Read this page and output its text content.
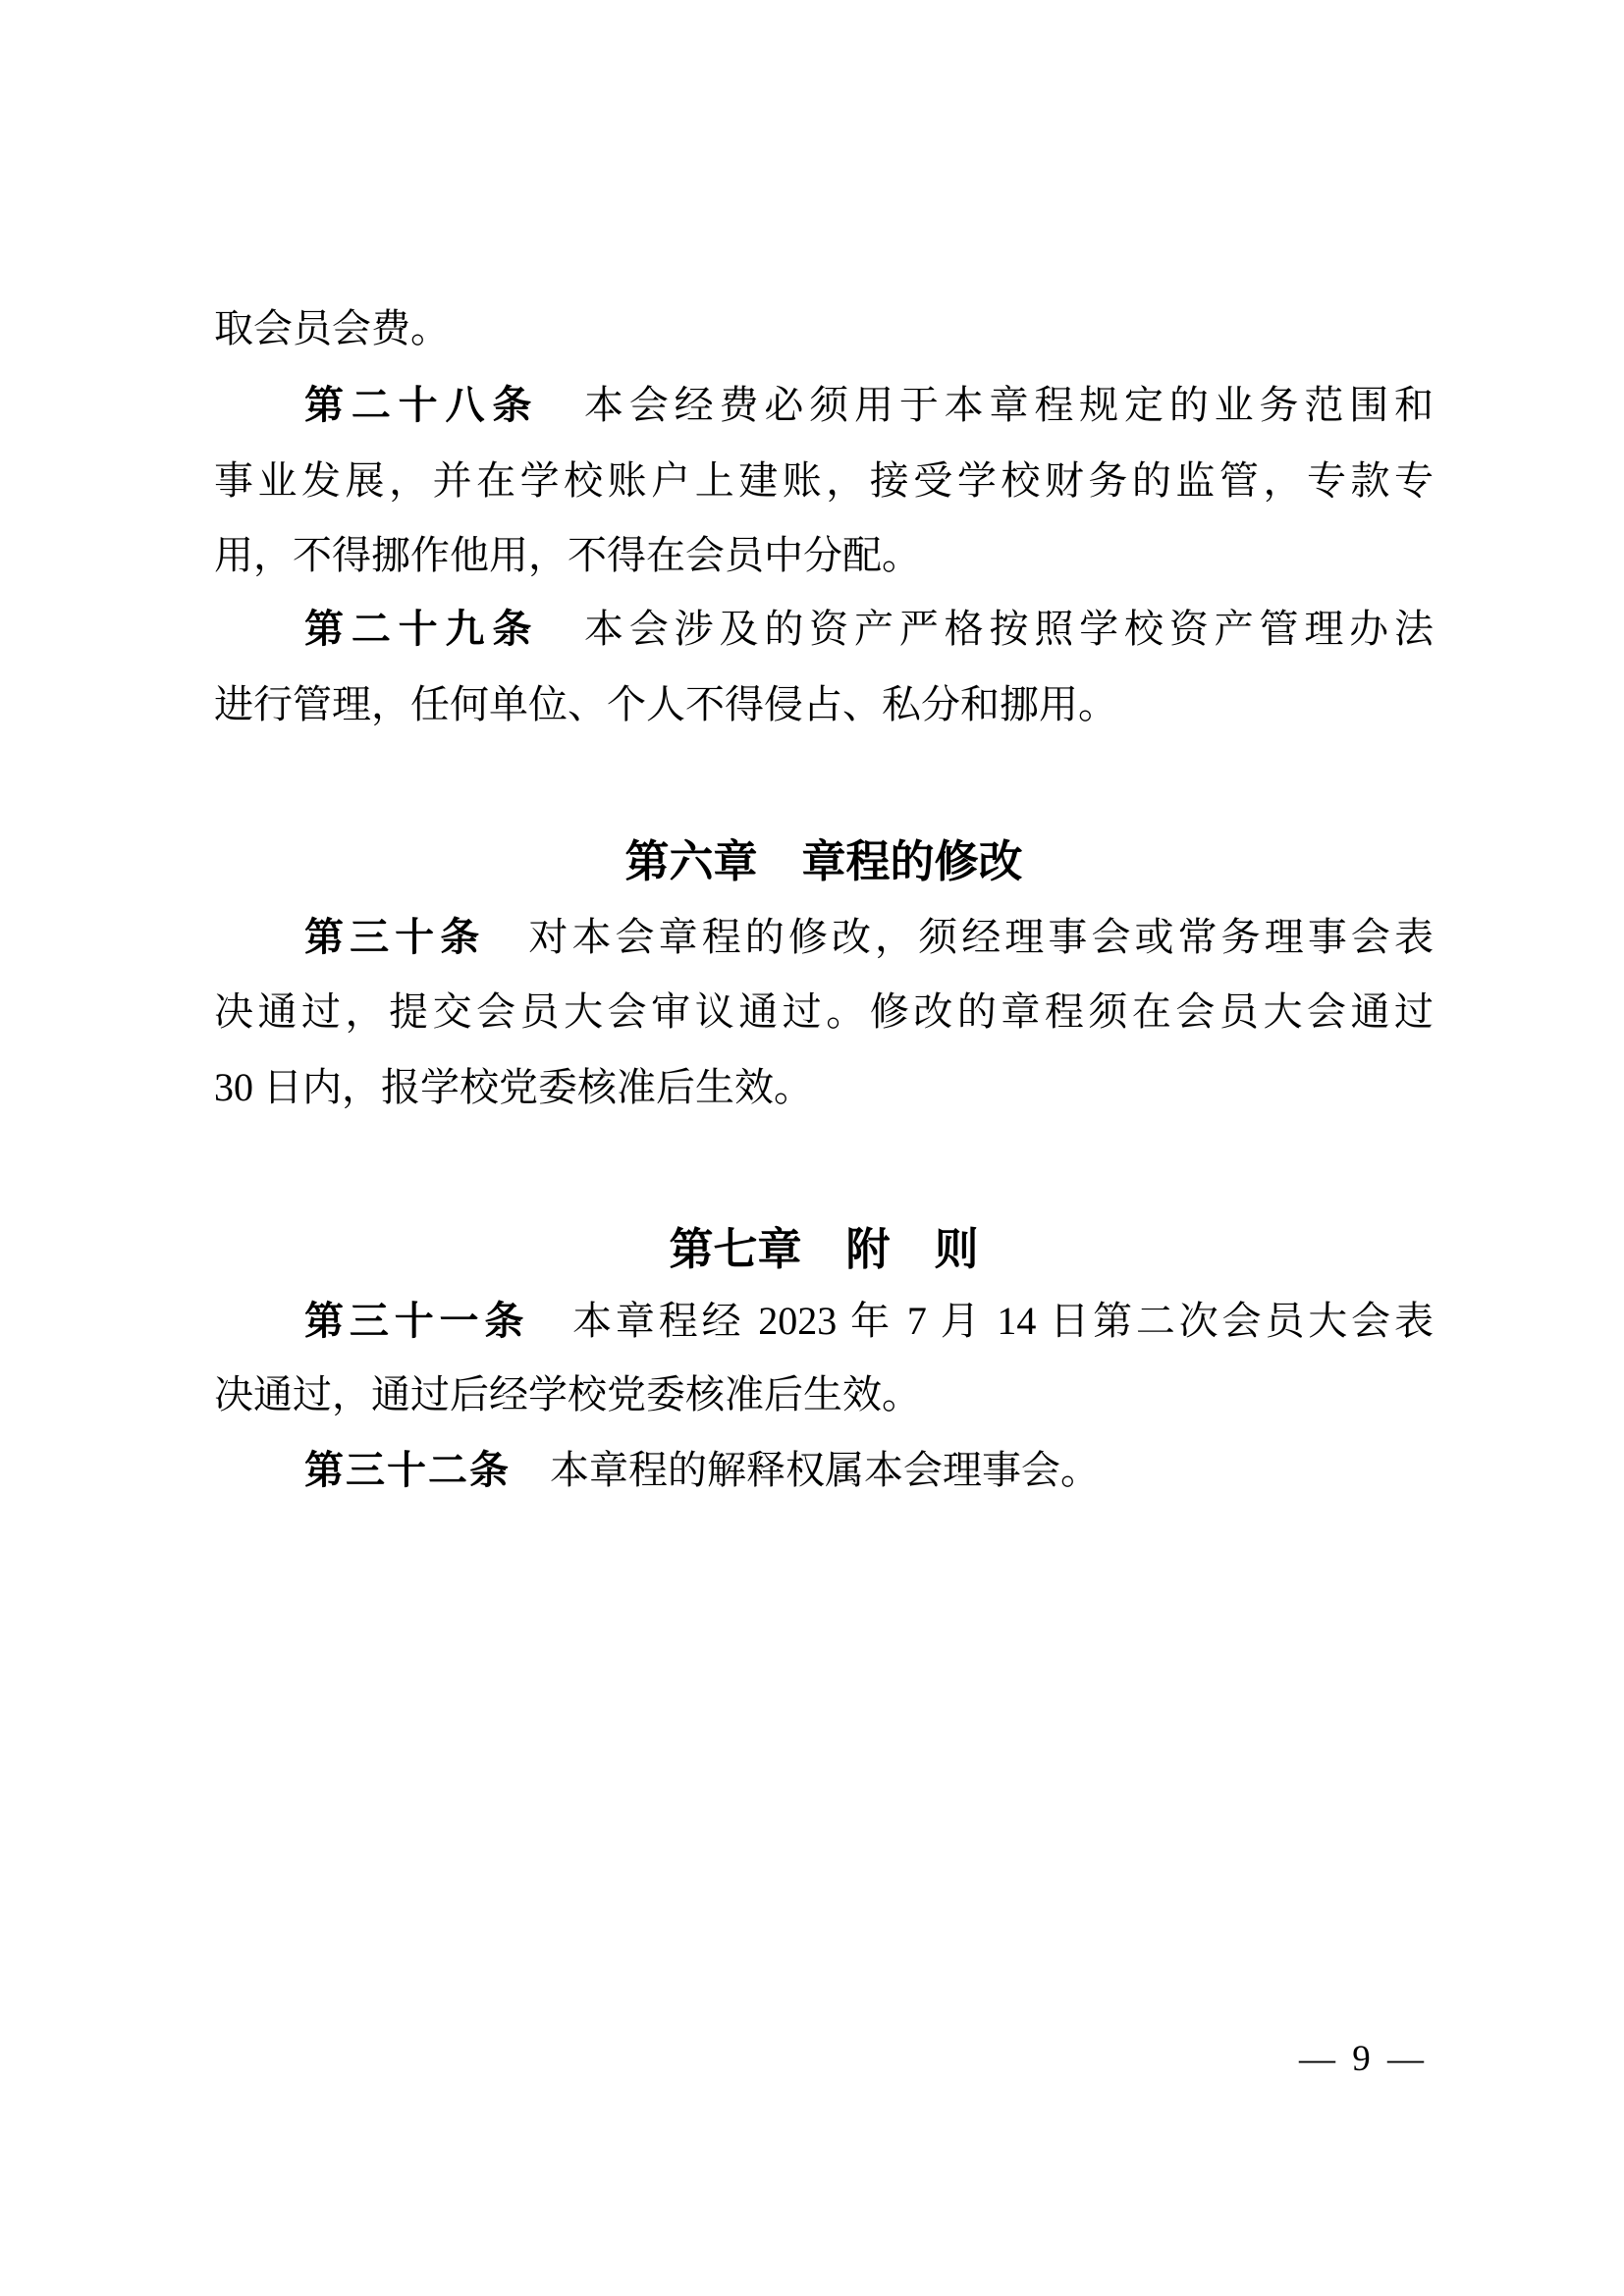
取会员会费。
第二十八条　本会经费必须用于本章程规定的业务范围和
事业发展，并在学校账户上建账，接受学校财务的监管，专款专
用，不得挪作他用，不得在会员中分配。
第二十九条　本会涉及的资产严格按照学校资产管理办法
进行管理，任何单位、个人不得侵占、私分和挪用。
第六章　章程的修改
第三十条　对本会章程的修改，须经理事会或常务理事会表
决通过，提交会员大会审议通过。修改的章程须在会员大会通过
30 日内，报学校党委核准后生效。
第七章　附　则
第三十一条　本章程经 2023 年 7 月 14 日第二次会员大会表
决通过，通过后经学校党委核准后生效。
第三十二条　本章程的解释权属本会理事会。
— 9 —
